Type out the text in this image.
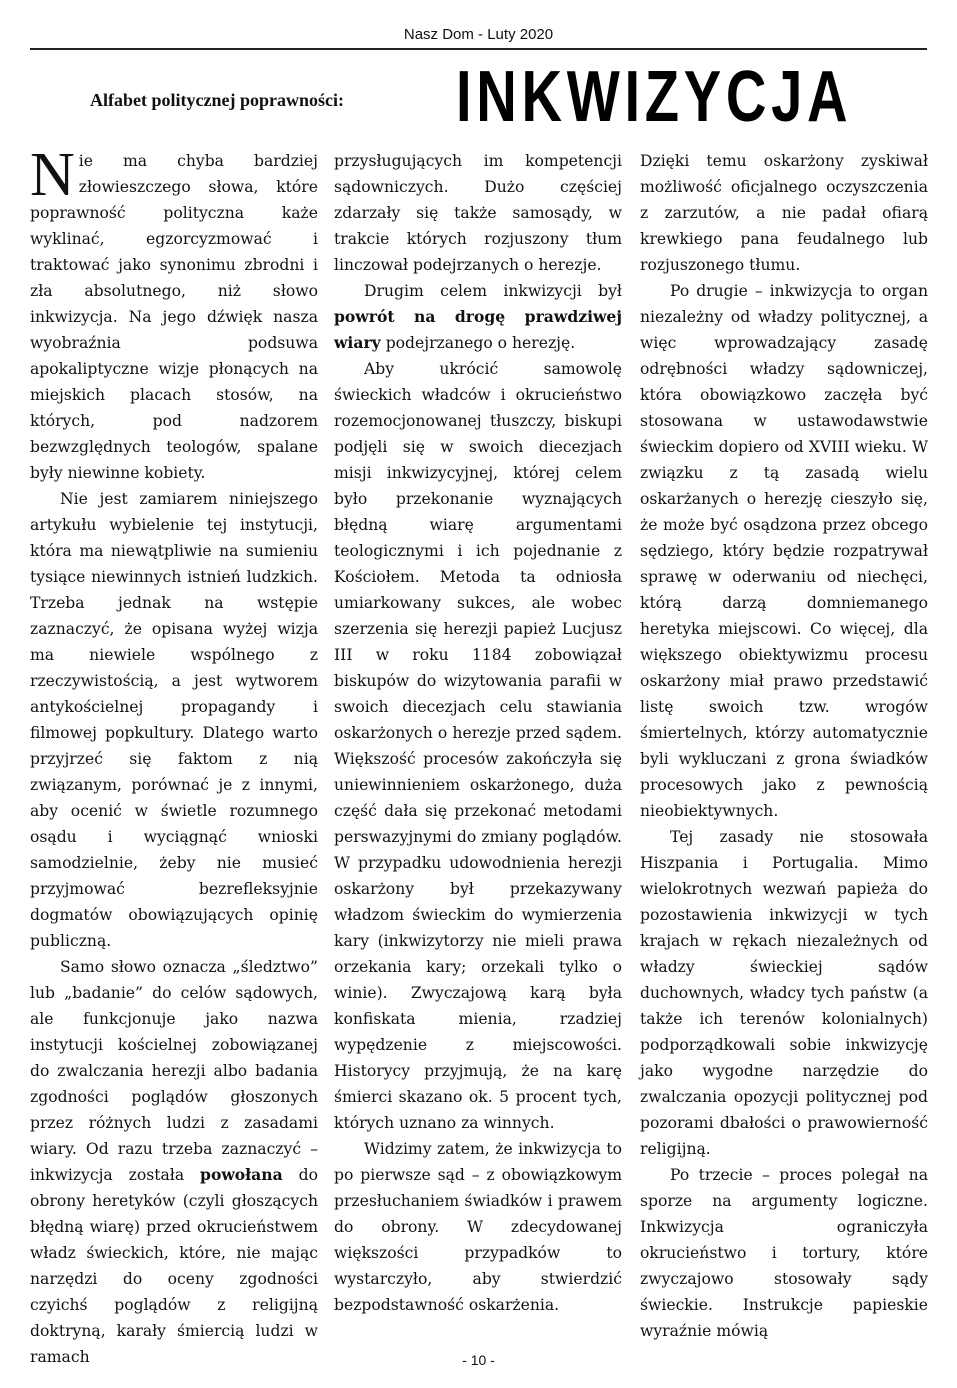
Nasz Dom - Luty 2020
Alfabet politycznej poprawności: INKWIZYCJA

Nie ma chyba bardziej złowieszczego słowa, które poprawność polityczna każe wyklinać, egzorcyzmować i traktować jako synonimu zbrodni i zła absolutnego, niż słowo inkwizycja. Na jego dźwięk nasza wyobraźnia podsuwa apokaliptyczne wizje płonących na miejskich placach stosów, na których, pod nadzorem bezwzględnych teologów, spalane były niewinne kobiety.

Nie jest zamiarem niniejszego artykułu wybielenie tej instytucji, która ma niewątpliwie na sumieniu tysiące niewinnych istnień ludzkich. Trzeba jednak na wstępie zaznaczyć, że opisana wyżej wizja ma niewiele wspólnego z rzeczywistością, a jest wytworem antykościelnej propagandy i filmowej popkultury. Dlatego warto przyjrzeć się faktom z nią związanym, porównać je z innymi, aby ocenić w świetle rozumnego osądu i wyciągnąć wnioski samodzielnie, żeby nie musieć przyjmować bezrefleksyjnie dogmatów obowiązujących opinię publiczną.

Samo słowo oznacza „śledztwo” lub „badanie” do celów sądowych, ale funkcjonuje jako nazwa instytucji kościelnej zobowiązanej do zwalczania herezji albo badania zgodności poglądów głoszonych przez różnych ludzi z zasadami wiary. Od razu trzeba zaznaczyć – inkwizycja została powołana do obrony heretyków (czyli głoszących błędną wiarę) przed okrucieństwem władz świeckich, które, nie mając narzędzi do oceny zgodności czyichś poglądów z religijną doktryną, karały śmiercią ludzi w ramach

przysługujących im kompetencji sądowniczych. Dużo częściej zdarzały się także samosądy, w trakcie których rozjuszony tłum linczował podejrzanych o herezje.

Drugim celem inkwizycji był powrót na drogę prawdziwej wiary podejrzanego o herezję.

Aby ukrócić samowolę świeckich władców i okrucieństwo rozemocjonowanej tłuszczy, biskupi podjęli się w swoich diecezjach misji inkwizycyjnej, której celem było przekonanie wyznających błędną wiarę argumentami teologicznymi i ich pojednanie z Kościołem. Metoda ta odniosła umiarkowany sukces, ale wobec szerzenia się herezji papież Lucjusz III w roku 1184 zobowiązał biskupów do wizytowania parafii w swoich diecezjach celu stawiania oskarżonych o herezje przed sądem. Większość procesów zakończyła się uniewinnieniem oskarżonego, duża część dała się przekonać metodami perswazyjnymi do zmiany poglądów. W przypadku udowodnienia herezji oskarżony był przekazywany władzom świeckim do wymierzenia kary (inkwizytorzy nie mieli prawa orzekania kary; orzekali tylko o winie). Zwyczajową karą była konfiskata mienia, rzadziej wypędzenie z miejscowości. Historycy przyjmują, że na karę śmierci skazano ok. 5 procent tych, których uznano za winnych.

Widzimy zatem, że inkwizycja to po pierwsze sąd – z obowiązkowym przesłuchaniem świadków i prawem do obrony. W zdecydowanej większości przypadków to wystarczyło, aby stwierdzić bezpodstawność oskarżenia.

Dzięki temu oskarżony zyskiwał możliwość oficjalnego oczyszczenia z zarzutów, a nie padał ofiarą krewkiego pana feudalnego lub rozjuszonego tłumu.

Po drugie – inkwizycja to organ niezależny od władzy politycznej, a więc wprowadzający zasadę odrębności władzy sądowniczej, która obowiązkowo zaczęła być stosowana w ustawodawstwie świeckim dopiero od XVIII wieku. W związku z tą zasadą wielu oskarżanych o herezję cieszyło się, że może być osądzona przez obcego sędziego, który będzie rozpatrywał sprawę w oderwaniu od niechęci, którą darzą domniemanego heretyka miejscowi. Co więcej, dla większego obiektywizmu procesu oskarżony miał prawo przedstawić listę swoich tzw. wrogów śmiertelnych, którzy automatycznie byli wykluczani z grona świadków procesowych jako z pewnością nieobiektywnych.

Tej zasady nie stosowała Hiszpania i Portugalia. Mimo wielokrotnych wezwań papieża do pozostawienia inkwizycji w tych krajach w rękach niezależnych od władzy świeckiej sądów duchownych, władcy tych państw (a także ich terenów kolonialnych) podporządkowali sobie inkwizycję jako wygodne narzędzie do zwalczania opozycji politycznej pod pozorami dbałości o prawowierność religijną.

Po trzecie – proces polegał na sporze na argumenty logiczne. Inkwizycja ograniczyła okrucieństwo i tortury, które zwyczajowo stosowały sądy świeckie. Instrukcje papieskie wyraźnie mówią

- 10 -
